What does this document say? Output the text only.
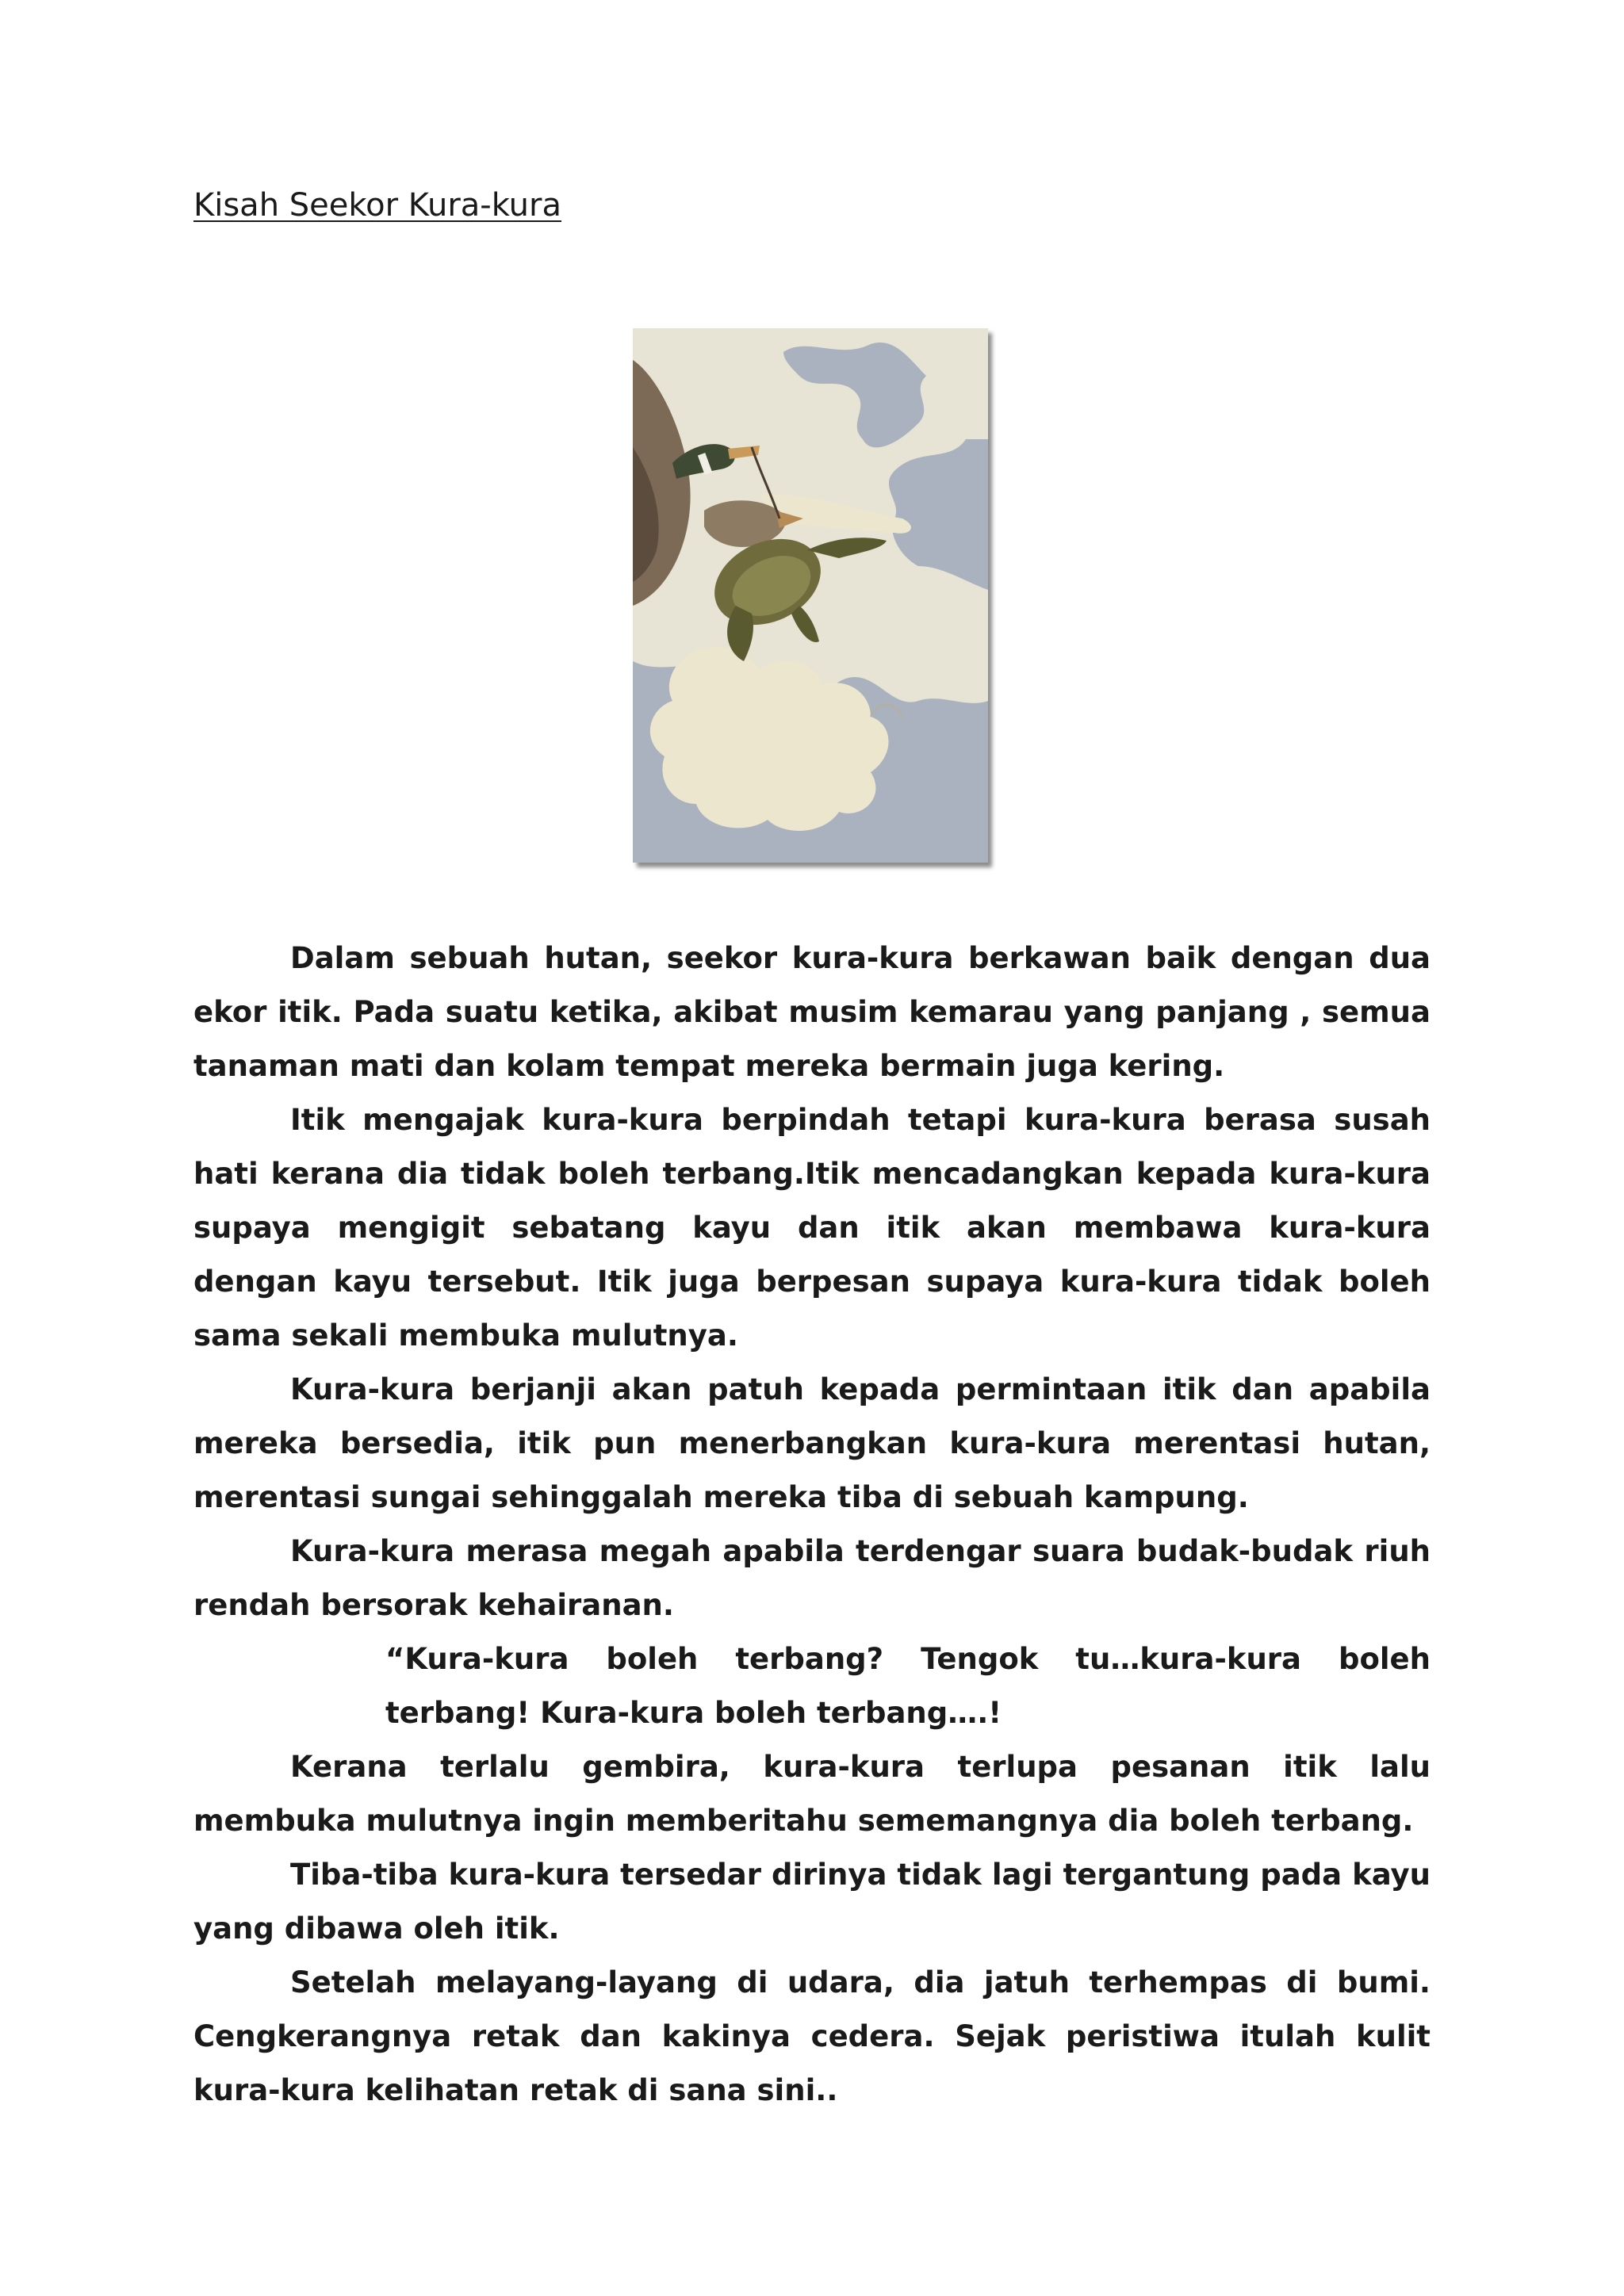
Kisah Seekor Kura-kura

Dalam sebuah hutan, seekor kura-kura berkawan baik dengan dua ekor itik. Pada suatu ketika, akibat musim kemarau yang panjang , semua tanaman mati dan kolam tempat mereka bermain juga kering.

Itik mengajak kura-kura berpindah tetapi kura-kura berasa susah hati kerana dia tidak boleh terbang.Itik mencadangkan kepada kura-kura supaya mengigit sebatang kayu dan itik akan membawa kura-kura dengan kayu tersebut. Itik juga berpesan supaya kura-kura tidak boleh sama sekali membuka mulutnya.

Kura-kura berjanji akan patuh kepada permintaan itik dan apabila mereka bersedia, itik pun menerbangkan kura-kura merentasi hutan, merentasi sungai sehinggalah mereka tiba di sebuah kampung.

Kura-kura merasa megah apabila terdengar suara budak-budak riuh rendah bersorak kehairanan.

“Kura-kura boleh terbang? Tengok tu…kura-kura boleh terbang! Kura-kura boleh terbang….!

Kerana terlalu gembira, kura-kura terlupa pesanan itik lalu membuka mulutnya ingin memberitahu sememangnya dia boleh terbang.

Tiba-tiba kura-kura tersedar dirinya tidak lagi tergantung pada kayu yang dibawa oleh itik.

Setelah melayang-layang di udara, dia jatuh terhempas di bumi. Cengkerangnya retak dan kakinya cedera. Sejak peristiwa itulah kulit kura-kura kelihatan retak di sana sini..
